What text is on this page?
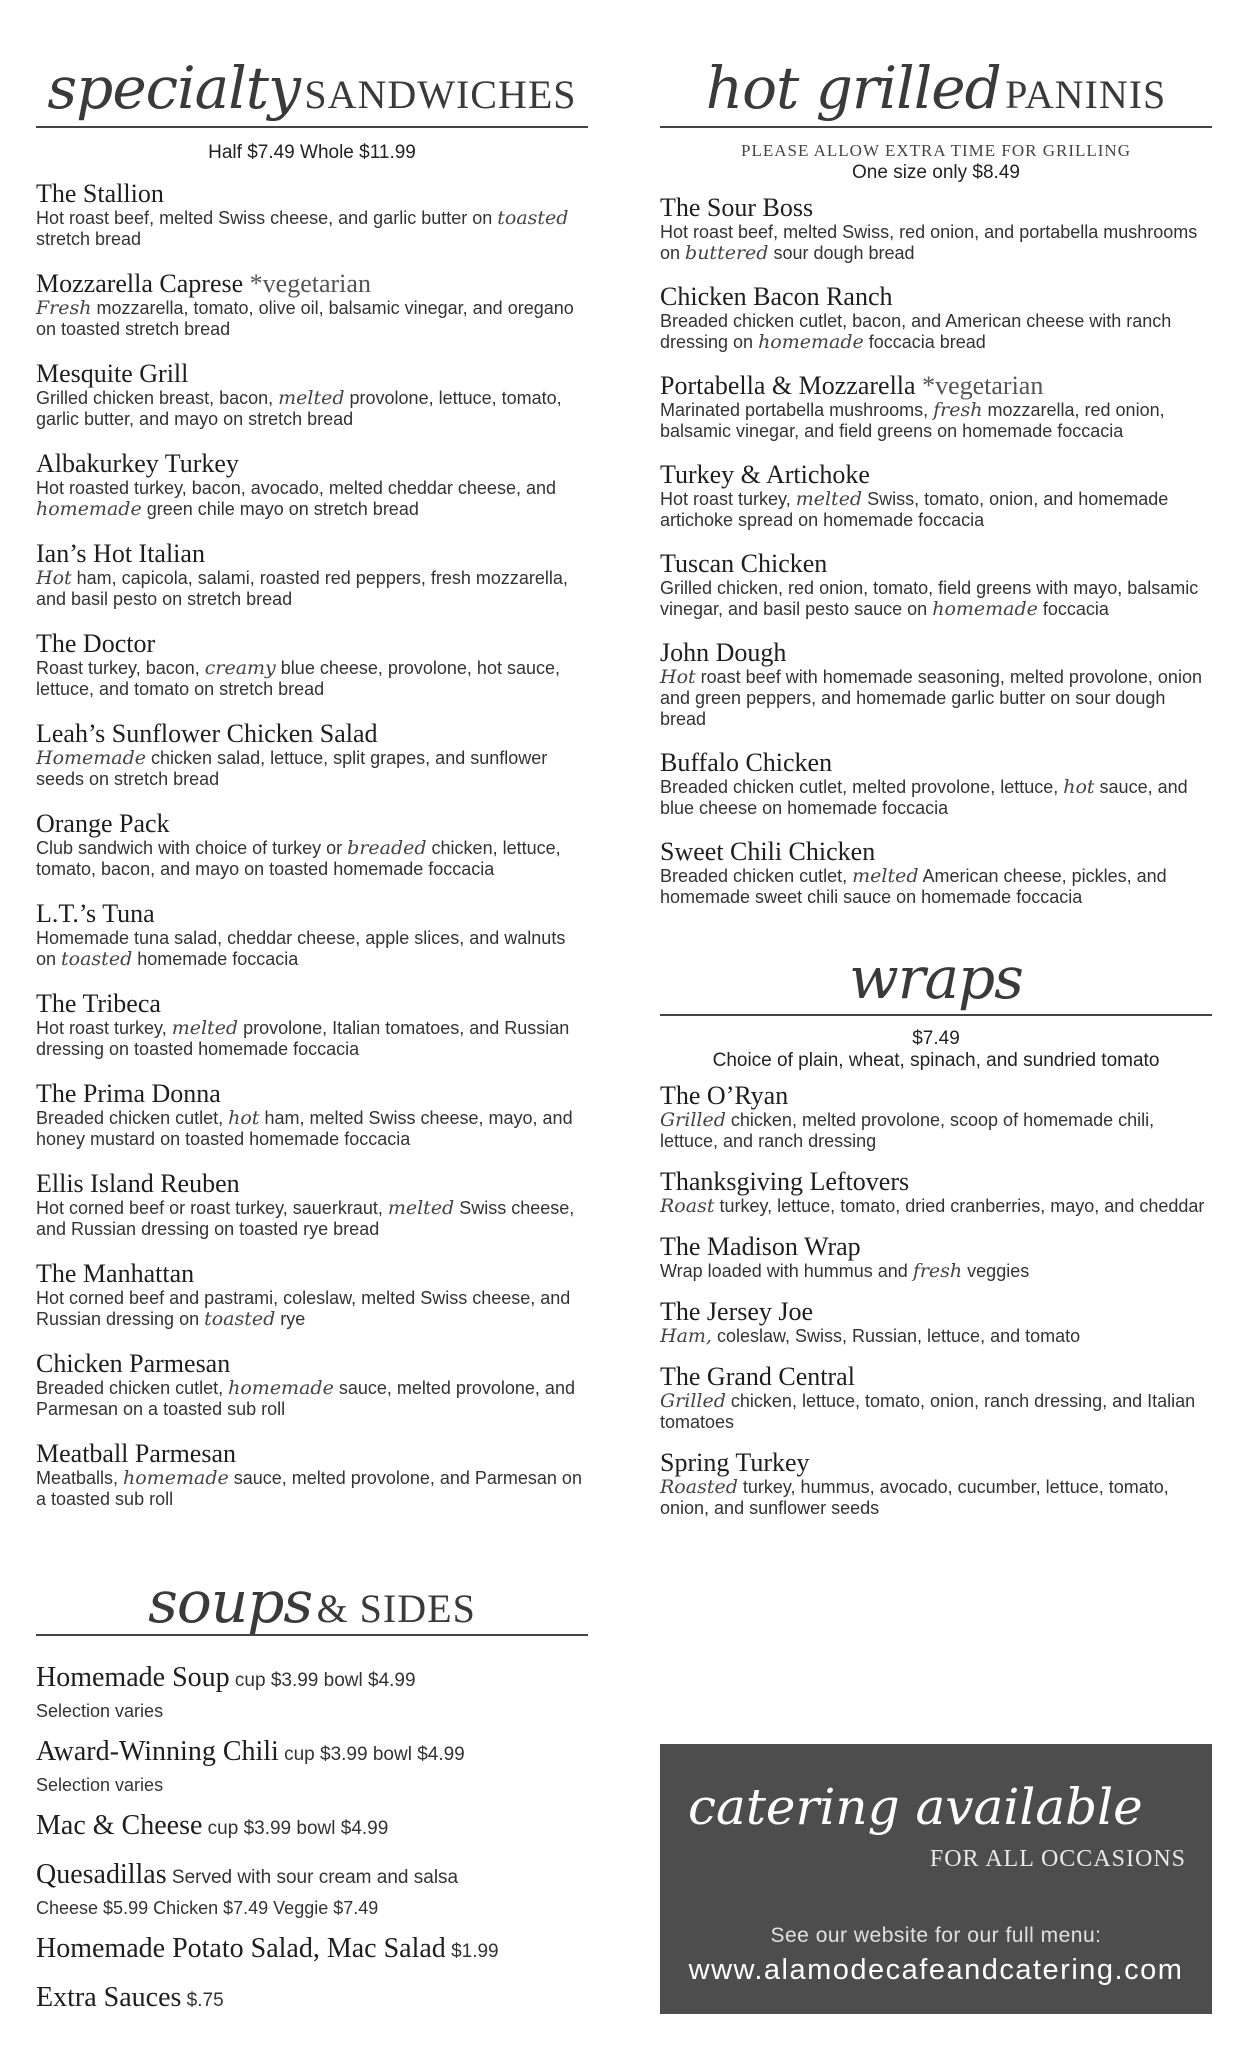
specialty SANDWICHES
Half $7.49 Whole $11.99
The Stallion
Hot roast beef, melted Swiss cheese, and garlic butter on toasted stretch bread
Mozzarella Caprese *vegetarian
Fresh mozzarella, tomato, olive oil, balsamic vinegar, and oregano on toasted stretch bread
Mesquite Grill
Grilled chicken breast, bacon, melted provolone, lettuce, tomato, garlic butter, and mayo on stretch bread
Albakurkey Turkey
Hot roasted turkey, bacon, avocado, melted cheddar cheese, and homemade green chile mayo on stretch bread
Ian’s Hot Italian
Hot ham, capicola, salami, roasted red peppers, fresh mozzarella, and basil pesto on stretch bread
The Doctor
Roast turkey, bacon, creamy blue cheese, provolone, hot sauce, lettuce, and tomato on stretch bread
Leah’s Sunflower Chicken Salad
Homemade chicken salad, lettuce, split grapes, and sunflower seeds on stretch bread
Orange Pack
Club sandwich with choice of turkey or breaded chicken, lettuce, tomato, bacon, and mayo on toasted homemade foccacia
L.T.’s Tuna
Homemade tuna salad, cheddar cheese, apple slices, and walnuts on toasted homemade foccacia
The Tribeca
Hot roast turkey, melted provolone, Italian tomatoes, and Russian dressing on toasted homemade foccacia
The Prima Donna
Breaded chicken cutlet, hot ham, melted Swiss cheese, mayo, and honey mustard on toasted homemade foccacia
Ellis Island Reuben
Hot corned beef or roast turkey, sauerkraut, melted Swiss cheese, and Russian dressing on toasted rye bread
The Manhattan
Hot corned beef and pastrami, coleslaw, melted Swiss cheese, and Russian dressing on toasted rye
Chicken Parmesan
Breaded chicken cutlet, homemade sauce, melted provolone, and Parmesan on a toasted sub roll
Meatball Parmesan
Meatballs, homemade sauce, melted provolone, and Parmesan on a toasted sub roll
soups & SIDES
Homemade Soup cup $3.99 bowl $4.99
Selection varies
Award-Winning Chili cup $3.99 bowl $4.99
Selection varies
Mac & Cheese cup $3.99 bowl $4.99
Quesadillas Served with sour cream and salsa
Cheese $5.99 Chicken $7.49 Veggie $7.49
Homemade Potato Salad, Mac Salad $1.99
Extra Sauces $.75
hot grilled PANINIS
PLEASE ALLOW EXTRA TIME FOR GRILLING
One size only $8.49
The Sour Boss
Hot roast beef, melted Swiss, red onion, and portabella mushrooms on buttered sour dough bread
Chicken Bacon Ranch
Breaded chicken cutlet, bacon, and American cheese with ranch dressing on homemade foccacia bread
Portabella & Mozzarella *vegetarian
Marinated portabella mushrooms, fresh mozzarella, red onion, balsamic vinegar, and field greens on homemade foccacia
Turkey & Artichoke
Hot roast turkey, melted Swiss, tomato, onion, and homemade artichoke spread on homemade foccacia
Tuscan Chicken
Grilled chicken, red onion, tomato, field greens with mayo, balsamic vinegar, and basil pesto sauce on homemade foccacia
John Dough
Hot roast beef with homemade seasoning, melted provolone, onion and green peppers, and homemade garlic butter on sour dough bread
Buffalo Chicken
Breaded chicken cutlet, melted provolone, lettuce, hot sauce, and blue cheese on homemade foccacia
Sweet Chili Chicken
Breaded chicken cutlet, melted American cheese, pickles, and homemade sweet chili sauce on homemade foccacia
wraps
$7.49
Choice of plain, wheat, spinach, and sundried tomato
The O’Ryan
Grilled chicken, melted provolone, scoop of homemade chili, lettuce, and ranch dressing
Thanksgiving Leftovers
Roast turkey, lettuce, tomato, dried cranberries, mayo, and cheddar
The Madison Wrap
Wrap loaded with hummus and fresh veggies
The Jersey Joe
Ham, coleslaw, Swiss, Russian, lettuce, and tomato
The Grand Central
Grilled chicken, lettuce, tomato, onion, ranch dressing, and Italian tomatoes
Spring Turkey
Roasted turkey, hummus, avocado, cucumber, lettuce, tomato, onion, and sunflower seeds
catering available
FOR ALL OCCASIONS
See our website for our full menu:
www.alamodecafeandcatering.com
